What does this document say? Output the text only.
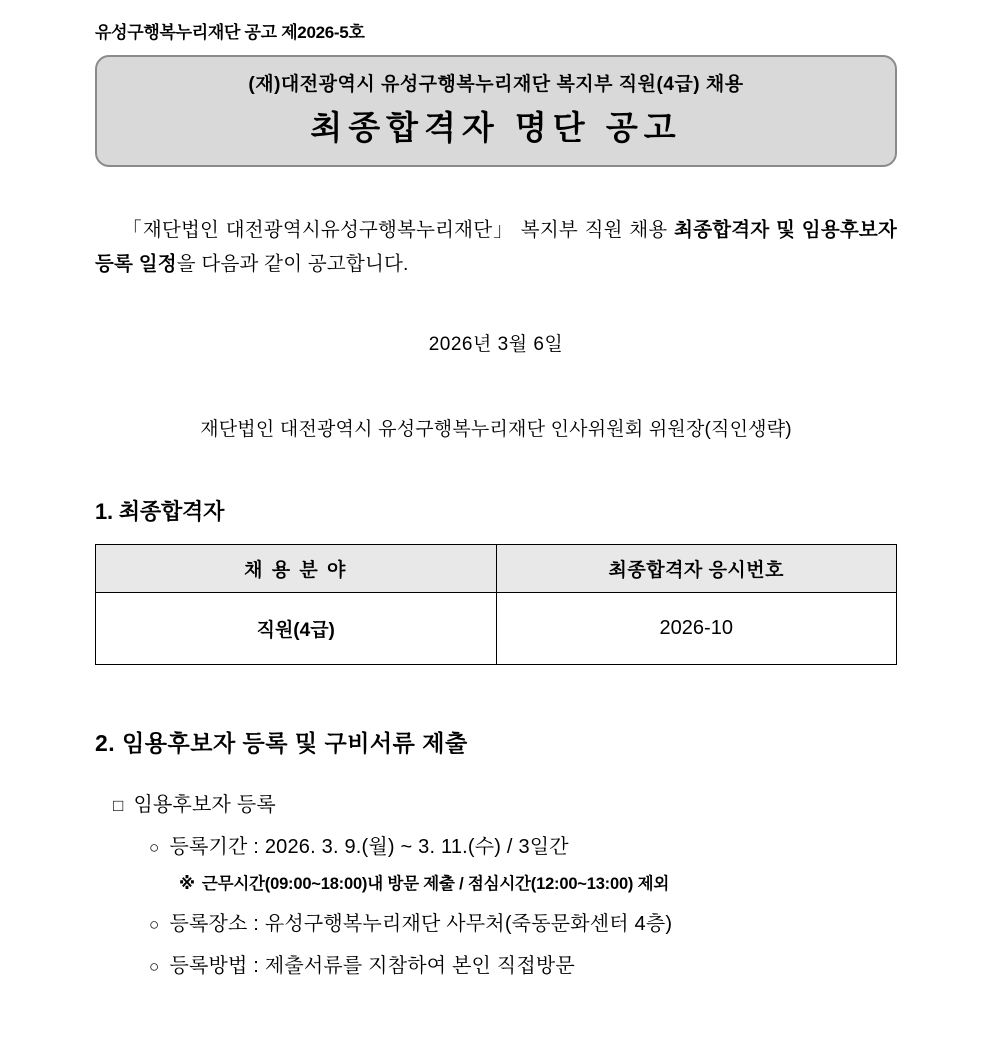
유성구행복누리재단 공고 제2026-5호
(재)대전광역시 유성구행복누리재단 복지부 직원(4급) 채용
최종합격자 명단 공고
「재단법인 대전광역시유성구행복누리재단」 복지부 직원 채용 최종합격자 및 임용후보자 등록 일정을 다음과 같이 공고합니다.
2026년 3월 6일
재단법인 대전광역시 유성구행복누리재단 인사위원회 위원장(직인생략)
1. 최종합격자
채 용 분 야	최종합격자 응시번호
직원(4급)	2026-10
2. 임용후보자 등록 및 구비서류 제출
□ 임용후보자 등록
○ 등록기간 : 2026. 3. 9.(월) ~ 3. 11.(수) / 3일간
※ 근무시간(09:00~18:00)내 방문 제출 / 점심시간(12:00~13:00) 제외
○ 등록장소 : 유성구행복누리재단 사무처(죽동문화센터 4층)
○ 등록방법 : 제출서류를 지참하여 본인 직접방문
